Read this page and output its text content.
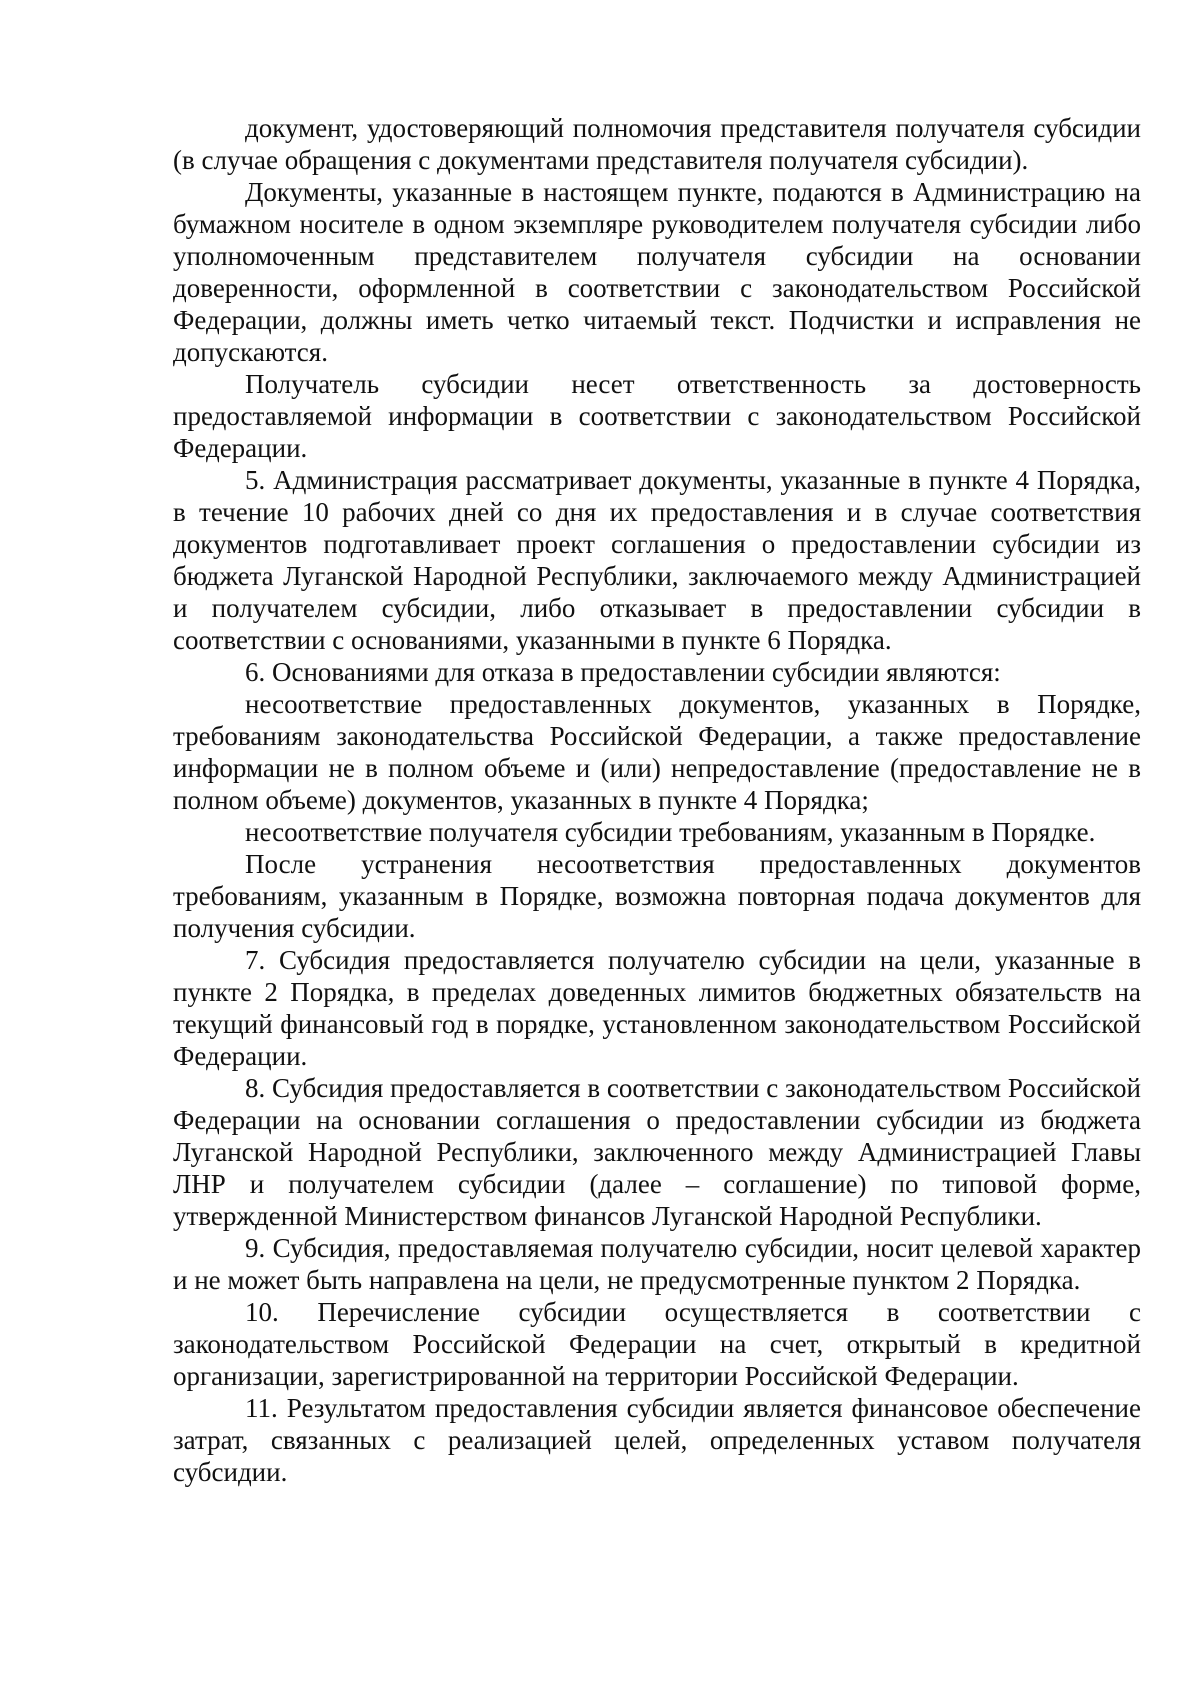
документ, удостоверяющий полномочия представителя получателя субсидии (в случае обращения с документами представителя получателя субсидии).

Документы, указанные в настоящем пункте, подаются в Администрацию на бумажном носителе в одном экземпляре руководителем получателя субсидии либо уполномоченным представителем получателя субсидии на основании доверенности, оформленной в соответствии с законодательством Российской Федерации, должны иметь четко читаемый текст. Подчистки и исправления не допускаются.

Получатель субсидии несет ответственность за достоверность предоставляемой информации в соответствии с законодательством Российской Федерации.

5. Администрация рассматривает документы, указанные в пункте 4 Порядка, в течение 10 рабочих дней со дня их предоставления и в случае соответствия документов подготавливает проект соглашения о предоставлении субсидии из бюджета Луганской Народной Республики, заключаемого между Администрацией и получателем субсидии, либо отказывает в предоставлении субсидии в соответствии с основаниями, указанными в пункте 6 Порядка.

6. Основаниями для отказа в предоставлении субсидии являются:

несоответствие предоставленных документов, указанных в Порядке, требованиям законодательства Российской Федерации, а также предоставление информации не в полном объеме и (или) непредоставление (предоставление не в полном объеме) документов, указанных в пункте 4 Порядка;

несоответствие получателя субсидии требованиям, указанным в Порядке.

После устранения несоответствия предоставленных документов требованиям, указанным в Порядке, возможна повторная подача документов для получения субсидии.

7. Субсидия предоставляется получателю субсидии на цели, указанные в пункте 2 Порядка, в пределах доведенных лимитов бюджетных обязательств на текущий финансовый год в порядке, установленном законодательством Российской Федерации.

8. Субсидия предоставляется в соответствии с законодательством Российской Федерации на основании соглашения о предоставлении субсидии из бюджета Луганской Народной Республики, заключенного между Администрацией Главы ЛНР и получателем субсидии (далее – соглашение) по типовой форме, утвержденной Министерством финансов Луганской Народной Республики.

9. Субсидия, предоставляемая получателю субсидии, носит целевой характер и не может быть направлена на цели, не предусмотренные пунктом 2 Порядка.

10. Перечисление субсидии осуществляется в соответствии с законодательством Российской Федерации на счет, открытый в кредитной организации, зарегистрированной на территории Российской Федерации.

11. Результатом предоставления субсидии является финансовое обеспечение затрат, связанных с реализацией целей, определенных уставом получателя субсидии.
